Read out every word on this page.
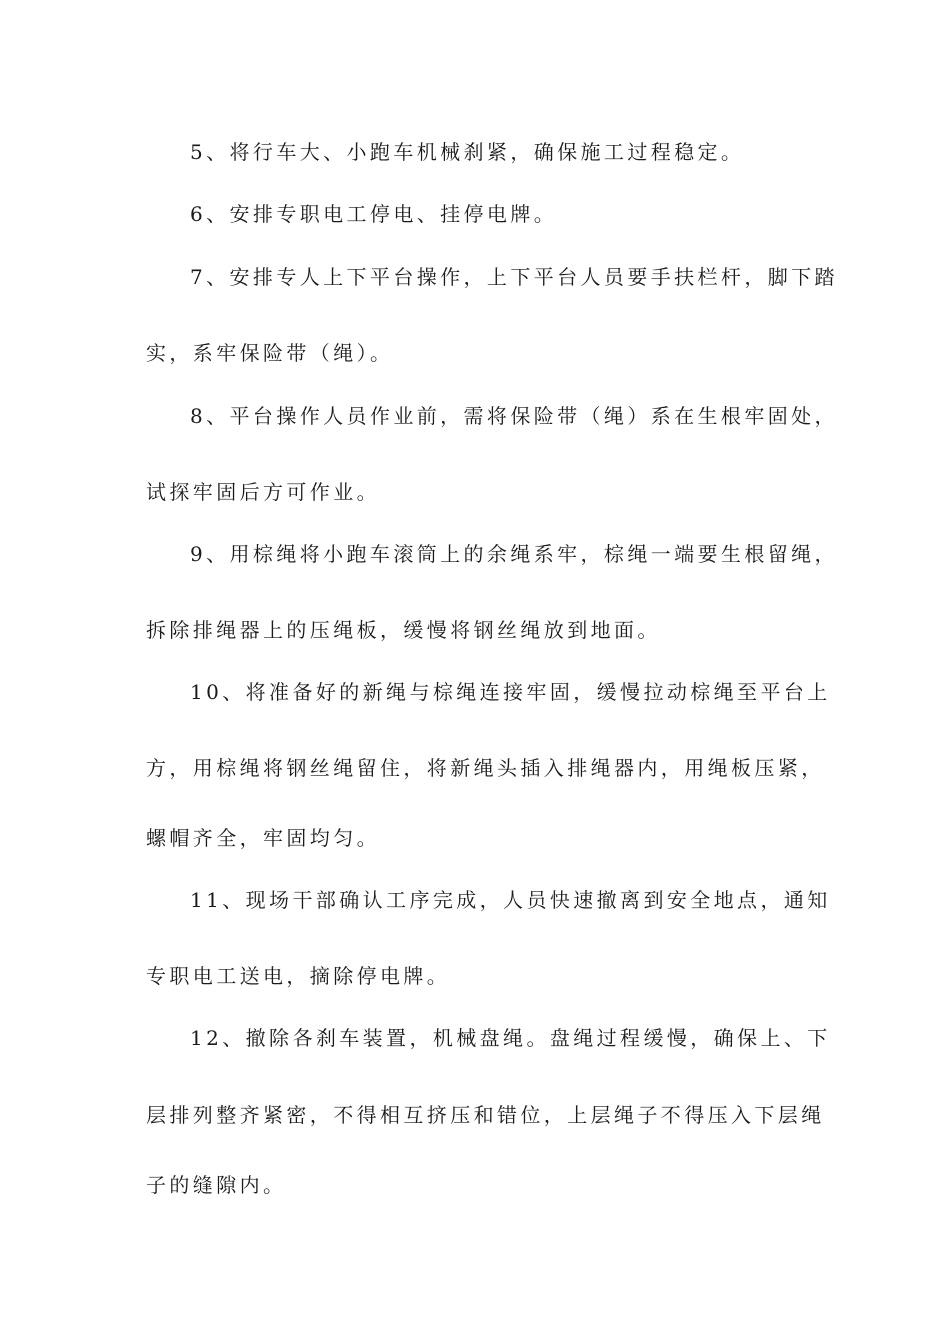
5、将行车大、小跑车机械刹紧，确保施工过程稳定。
6、安排专职电工停电、挂停电牌。
7、安排专人上下平台操作，上下平台人员要手扶栏杆，脚下踏
实，系牢保险带（绳）。
8、平台操作人员作业前，需将保险带（绳）系在生根牢固处，
试探牢固后方可作业。
9、用棕绳将小跑车滚筒上的余绳系牢，棕绳一端要生根留绳，
拆除排绳器上的压绳板，缓慢将钢丝绳放到地面。
10、将准备好的新绳与棕绳连接牢固，缓慢拉动棕绳至平台上
方，用棕绳将钢丝绳留住，将新绳头插入排绳器内，用绳板压紧，
螺帽齐全，牢固均匀。
11、现场干部确认工序完成，人员快速撤离到安全地点，通知
专职电工送电，摘除停电牌。
12、撤除各刹车装置，机械盘绳。盘绳过程缓慢，确保上、下
层排列整齐紧密，不得相互挤压和错位，上层绳子不得压入下层绳
子的缝隙内。
